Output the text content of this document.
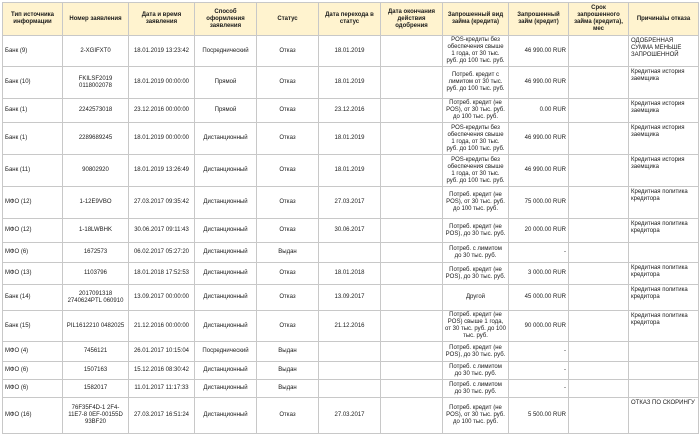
Тип источника информации	Номер заявления	Дата и время заявления	Способ оформления заявления	Статус	Дата перехода в статус	Дата окончания действия одобрения	Запрошенный вид займа (кредита)	Запрошенный займ (кредит)	Срок запрошенного займа (кредита), мес	Причина\ы отказа
Банк (9)	2-XGIFXT0	18.01.2019 13:23:42	Посреднический	Отказ	18.01.2019		POS-кредиты без обеспечения свыше 1 года, от 30 тыс. руб. до 100 тыс. руб.	46 990.00 RUR		ОДОБРЕННАЯ СУММА МЕНЬШЕ ЗАПРОШЕННОЙ
Банк (10)	FKILSF2019 0118002078	18.01.2019 00:00:00	Прямой	Отказ	18.01.2019		Потреб. кредит с лимитом от 30 тыс. руб. до 100 тыс. руб.	46 990.00 RUR		Кредитная история заемщика
Банк (1)	2242573018	23.12.2016 00:00:00	Прямой	Отказ	23.12.2016		Потреб. кредит (не POS), от 30 тыс. руб. до 100 тыс. руб.	0.00 RUR		Кредитная история заемщика
Банк (1)	2289689245	18.01.2019 00:00:00	Дистанционный	Отказ	18.01.2019		POS-кредиты без обеспечения свыше 1 года, от 30 тыс. руб. до 100 тыс. руб.	46 990.00 RUR		Кредитная история заемщика
Банк (11)	90802920	18.01.2019 13:26:49	Дистанционный	Отказ	18.01.2019		POS-кредиты без обеспечения свыше 1 года, от 30 тыс. руб. до 100 тыс. руб.	46 990.00 RUR		Кредитная история заемщика
МФО (12)	1-12E9VBO	27.03.2017 09:35:42	Дистанционный	Отказ	27.03.2017		Потреб. кредит (не POS), от 30 тыс. руб. до 100 тыс. руб.	75 000.00 RUR		Кредитная политика кредитора
МФО (12)	1-18LWBHK	30.06.2017 09:11:43	Дистанционный	Отказ	30.06.2017		Потреб. кредит (не POS), до 30 тыс. руб.	20 000.00 RUR		Кредитная политика кредитора
МФО (6)	1672573	06.02.2017 05:27:20	Дистанционный	Выдан			Потреб. с лимитом до 30 тыс. руб.	-		
МФО (13)	1103796	18.01.2018 17:52:53	Дистанционный	Отказ	18.01.2018		Потреб. кредит (не POS), до 30 тыс. руб.	3 000.00 RUR		Кредитная политика кредитора
Банк (14)	2017091318 2740624PTL 060910	13.09.2017 00:00:00	Дистанционный	Отказ	13.09.2017		Другой	45 000.00 RUR		Кредитная политика кредитора
Банк (15)	PIL1612210 0482025	21.12.2016 00:00:00	Дистанционный	Отказ	21.12.2016		Потреб. кредит (не POS) свыше 1 года, от 30 тыс. руб. до 100 тыс. руб.	90 000.00 RUR		Кредитная политика кредитора
МФО (4)	7456121	26.01.2017 10:15:04	Посреднический	Выдан			Потреб. кредит (не POS), до 30 тыс. руб.	-		
МФО (6)	1507163	15.12.2016 08:30:42	Дистанционный	Выдан			Потреб. с лимитом до 30 тыс. руб.	-		
МФО (6)	1582017	11.01.2017 11:17:33	Дистанционный	Выдан			Потреб. с лимитом до 30 тыс. руб.	-		
МФО (16)	76F35F4D-1 2F4-11E7-8 0EF-00155D 93BF20	27.03.2017 16:51:24	Дистанционный	Отказ	27.03.2017		Потреб. кредит (не POS), от 30 тыс. руб. до 100 тыс. руб.	5 500.00 RUR		ОТКАЗ ПО СКОРИНГУ
